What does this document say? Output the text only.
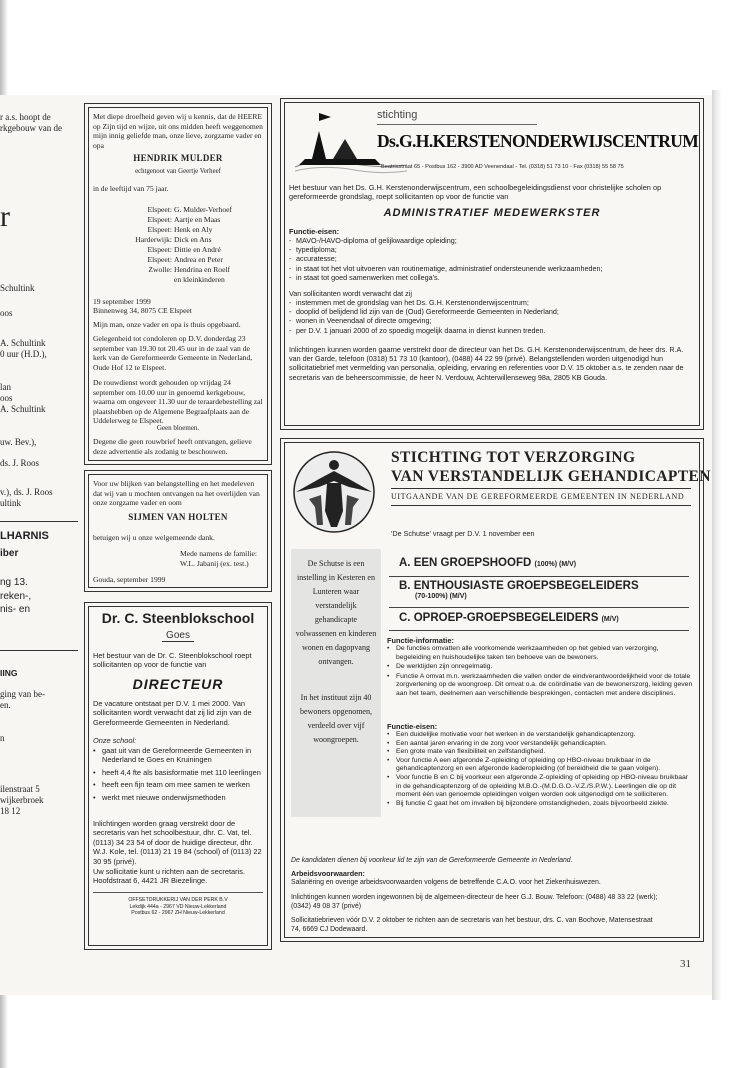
r a.s. hoopt de
rkgebouw van de
r
Schultink
oos
A. Schultink
0 uur (H.D.),
lan
oos
A. Schultink
uw. Bev.),
ds. J. Roos
v.), ds. J. Roos
ultink
LHARNIS
iber
ng 13.
reken-,
nis- en
IING
ging van be-
en.
n
ilenstraat 5
wijkerbroek
18 12
Met diepe droefheid geven wij u kennis, dat de HEERE op Zijn tijd en wijze, uit ons midden heeft weggenomen mijn innig geliefde man, onze lieve, zorgzame vader en opa
HENDRIK MULDER
echtgenoot van Geertje Verheef
in de leeftijd van 75 jaar.
Elspeet: G. Mulder-Verhoef
Elspeet: Aartje en Maas
Elspeet: Henk en Aly
Harderwijk: Dick en Ans
Elspeet: Dittie en André
Elspeet: Andrea en Peter
Zwolle: Hendrina en Roelf
en kleinkinderen
19 september 1999
Binnenweg 34, 8075 CE Elspeet
Mijn man, onze vader en opa is thuis opgebaard.
Gelegenheid tot condoleren op D.V. donderdag 23 september van 19.30 tot 20.45 uur in de zaal van de kerk van de Gereformeerde Gemeente in Nederland, Oude Hof 12 te Elspeet.
De rouwdienst wordt gehouden op vrijdag 24 september om 10.00 uur in genoemd kerkgebouw, waarna om ongeveer 11.30 uur de teraardebestelling zal plaatshebben op de Algemene Begraafplaats aan de Uddelerweg te Elspeet.
Geen bloemen.
Degene die geen rouwbrief heeft ontvangen, gelieve deze advertentie als zodanig te beschouwen.
Voor uw blijken van belangstelling en het medeleven dat wij van u mochten ontvangen na het overlijden van onze zorgzame vader en oom
SIJMEN VAN HOLTEN
betuigen wij u onze welgemeende dank.
Mede namens de familie:
W.L. Jabanij (ex. test.)
Gouda, september 1999
Dr. C. Steenblokschool
Goes
Het bestuur van de Dr. C. Steenblokschool roept sollicitanten op voor de functie van
DIRECTEUR
De vacature ontstaat per D.V. 1 mei 2000. Van sollicitanten wordt verwacht dat zij lid zijn van de Gereformeerde Gemeenten in Nederland.
Onze school:
• gaat uit van de Gereformeerde Gemeenten in Nederland te Goes en Kruiningen
• heeft 4,4 fte als basisformatie met 110 leerlingen
• heeft een fijn team om mee samen te werken
• werkt met nieuwe onderwijsmethoden
Inlichtingen worden graag verstrekt door de secretaris van het schoolbestuur, dhr. C. Vat, tel. (0113) 34 23 54 of door de huidige directeur, dhr. W.J. Kole, tel. (0113) 21 19 84 (school) of (0113) 22 30 95 (privé).
Uw sollicitatie kunt u richten aan de secretaris. Hoofdstraat 6, 4421 JR Biezelinge.
OFFSETDRUKKERIJ VAN DER PERK B.V
Lekdijk 444a - 2967 VD Nieuw-Lekkerland
Postbus 62 - 2967 ZH Nieuw-Lekkerland
stichting
Ds.G.H.KERSTENONDERWIJSCENTRUM
Beatrixstraat 65 - Postbus 162 - 3900 AD Veenendaal - Tel. (0318) 51 73 10 - Fax (0318) 55 58 75
Het bestuur van het Ds. G.H. Kerstenonderwijscentrum, een schoolbegeleidingsdienst voor christelijke scholen op gereformeerde grondslag, roept sollicitanten op voor de functie van
ADMINISTRATIEF MEDEWERKSTER
Functie-eisen:
- MAVO-/HAVO-diploma of gelijkwaardige opleiding;
- typediploma;
- accuratesse;
- in staat tot het vlot uitvoeren van routinematige, administratief ondersteunende werkzaamheden;
- in staat tot goed samenwerken met collega's.
Van sollicitanten wordt verwacht dat zij
- instemmen met de grondslag van het Ds. G.H. Kerstenonderwijscentrum;
- dooplid of belijdend lid zijn van de (Oud) Gereformeerde Gemeenten in Nederland;
- wonen in Veenendaal of directe omgeving;
- per D.V. 1 januari 2000 of zo spoedig mogelijk daarna in dienst kunnen treden.
Inlichtingen kunnen worden gaarne verstrekt door de directeur van het Ds. G.H. Kerstenonderwijscentrum, de heer drs. R.A. van der Garde, telefoon (0318) 51 73 10 (kantoor), (0488) 44 22 99 (privé). Belangstellenden worden uitgenodigd hun sollicitatiebrief met vermelding van personalia, opleiding, ervaring en referenties voor D.V. 15 oktober a.s. te zenden naar de secretaris van de beheerscommissie, de heer N. Verdouw, Achterwillenseweg 98a, 2805 KB Gouda.
STICHTING TOT VERZORGING
VAN VERSTANDELIJK GEHANDICAPTEN
UITGAANDE VAN DE GEREFORMEERDE GEMEENTEN IN NEDERLAND
'De Schutse' vraagt per D.V. 1 november een
De Schutse is een instelling in Kesteren en Lunteren waar verstandelijk gehandicapte volwassenen en kinderen wonen en dagopvang ontvangen.
In het instituut zijn 40 bewoners opgenomen, verdeeld over vijf woongroepen.
A. EEN GROEPSHOOFD (100%) (M/V)
B. ENTHOUSIASTE GROEPSBEGELEIDERS
(70-100%) (M/V)
C. OPROEP-GROEPSBEGELEIDERS (M/V)
Functie-informatie:
• De functies omvatten alle voorkomende werkzaamheden op het gebied van verzorging, begeleiding en huishoudelijke taken ten behoeve van de bewoners.
• De werktijden zijn onregelmatig.
• Functie A omvat m.n. werkzaamheden die vallen onder de eindverantwoordelijkheid voor de totale zorgverlening op de woongroep. Dit omvat o.a. de coördinatie van de bewonerszorg, leiding geven aan het team, deelnemen aan verschillende besprekingen, contacten met andere disciplines.
Functie-eisen:
• Een duidelijke motivatie voor het werken in de verstandelijk gehandicaptenzorg.
• Een aantal jaren ervaring in de zorg voor verstandelijk gehandicapten.
• Een grote mate van flexibiliteit en zelfstandigheid.
• Voor functie A een afgeronde Z-opleiding of opleiding op HBO-niveau bruikbaar in de gehandicaptenzorg en een afgeronde kaderopleiding (of bereidheid die te gaan volgen).
• Voor functie B en C bij voorkeur een afgeronde Z-opleiding of opleiding op HBO-niveau bruikbaar in de gehandicaptenzorg of de opleiding M.B.O.-(M.D.G.O.-V.Z./S.P.W.). Leerlingen die op dit moment één van genoemde opleidingen volgen worden ook uitgenodigd om te solliciteren.
• Bij functie C gaat het om invallen bij bijzondere omstandigheden, zoals bijvoorbeeld ziekte.
De kandidaten dienen bij voorkeur lid te zijn van de Gereformeerde Gemeente in Nederland.
Arbeidsvoorwaarden:
Salariëring en overige arbeidsvoorwaarden volgens de betreffende C.A.O. voor het Ziekenhuiswezen.
Inlichtingen kunnen worden ingewonnen bij de algemeen-directeur de heer G.J. Bouw. Telefoon: (0488) 48 33 22 (werk); (0342) 49 08 37 (privé)
Sollicitatiebrieven vóór D.V. 2 oktober te richten aan de secretaris van het bestuur, drs. C. van Bochove, Matensestraat 74, 6669 CJ Dodewaard.
31
